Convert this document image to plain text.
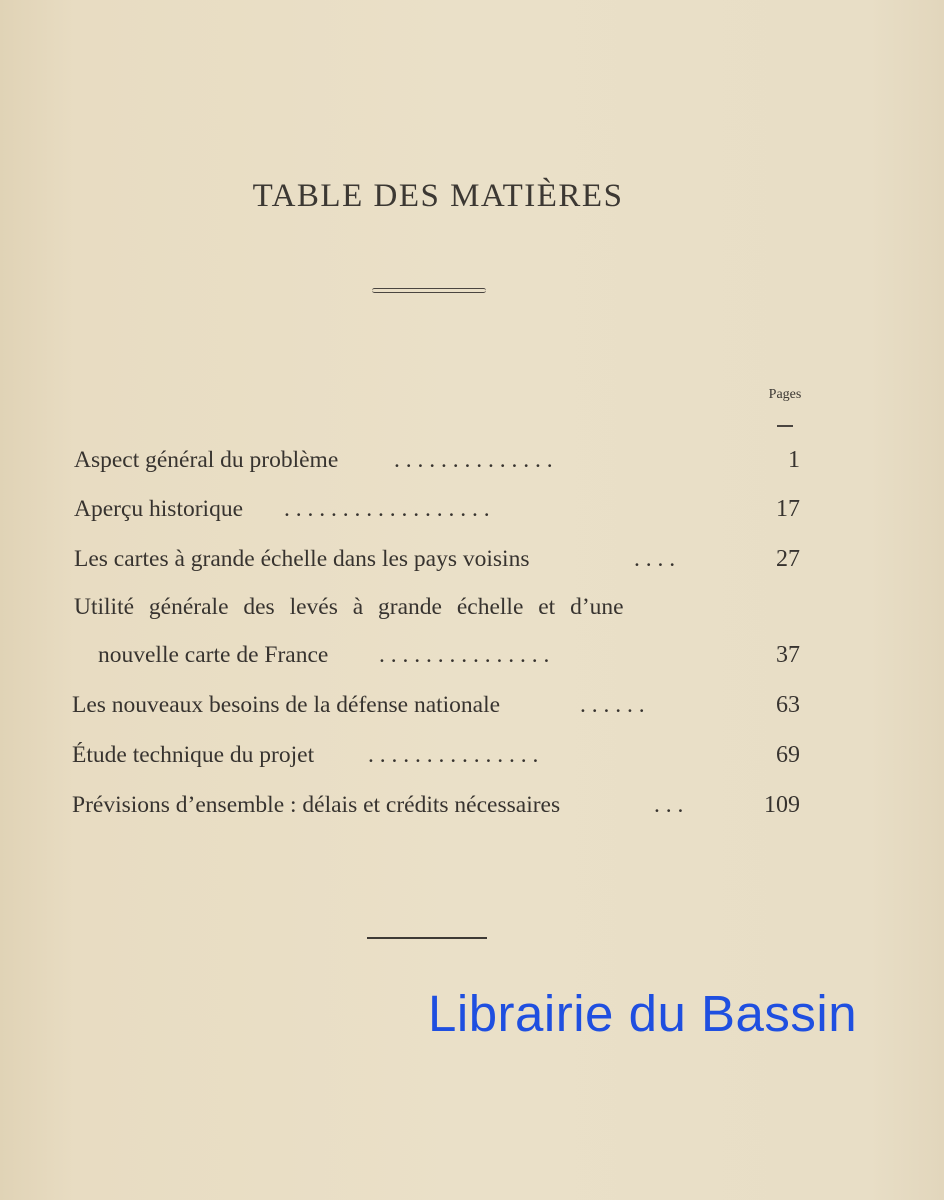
TABLE DES MATIÈRES
Pages
Aspect général du problème . . . . . . . . . . . . . .	1
Aperçu historique . . . . . . . . . . . . . . . . . .	17
Les cartes à grande échelle dans les pays voisins	. . . .	27
Utilité générale des levés à grande échelle et d’une
nouvelle carte de France . . . . . . . . . . . . . . .	37
Les nouveaux besoins de la défense nationale	. . . . . .	63
Étude technique du projet . . . . . . . . . . . . . . .	69
Prévisions d’ensemble : délais et crédits nécessaires	. . .	109
Librairie du Bassin
